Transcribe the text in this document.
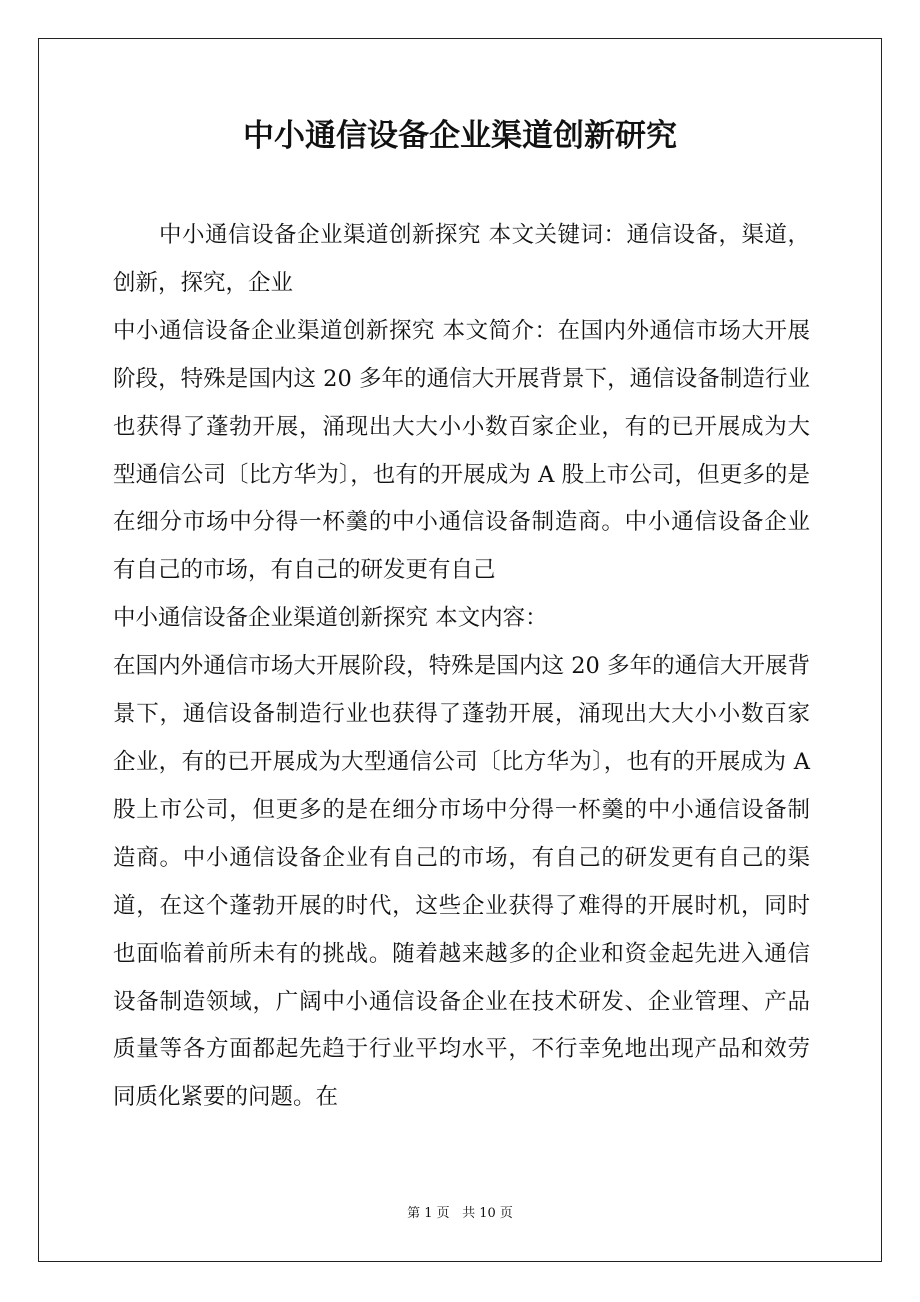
中小通信设备企业渠道创新研究

中小通信设备企业渠道创新探究 本文关键词：通信设备，渠道，创新，探究，企业

中小通信设备企业渠道创新探究 本文简介：在国内外通信市场大开展阶段，特殊是国内这 20 多年的通信大开展背景下，通信设备制造行业也获得了蓬勃开展，涌现出大大小小数百家企业，有的已开展成为大型通信公司〔比方华为〕，也有的开展成为 A 股上市公司，但更多的是在细分市场中分得一杯羹的中小通信设备制造商。中小通信设备企业有自己的市场，有自己的研发更有自己

中小通信设备企业渠道创新探究 本文内容：

在国内外通信市场大开展阶段，特殊是国内这 20 多年的通信大开展背景下，通信设备制造行业也获得了蓬勃开展，涌现出大大小小数百家企业，有的已开展成为大型通信公司〔比方华为〕，也有的开展成为 A 股上市公司，但更多的是在细分市场中分得一杯羹的中小通信设备制造商。中小通信设备企业有自己的市场，有自己的研发更有自己的渠道，在这个蓬勃开展的时代，这些企业获得了难得的开展时机，同时也面临着前所未有的挑战。随着越来越多的企业和资金起先进入通信设备制造领域，广阔中小通信设备企业在技术研发、企业管理、产品质量等各方面都起先趋于行业平均水平，不行幸免地出现产品和效劳同质化紧要的问题。在

第 1 页 共 10 页
